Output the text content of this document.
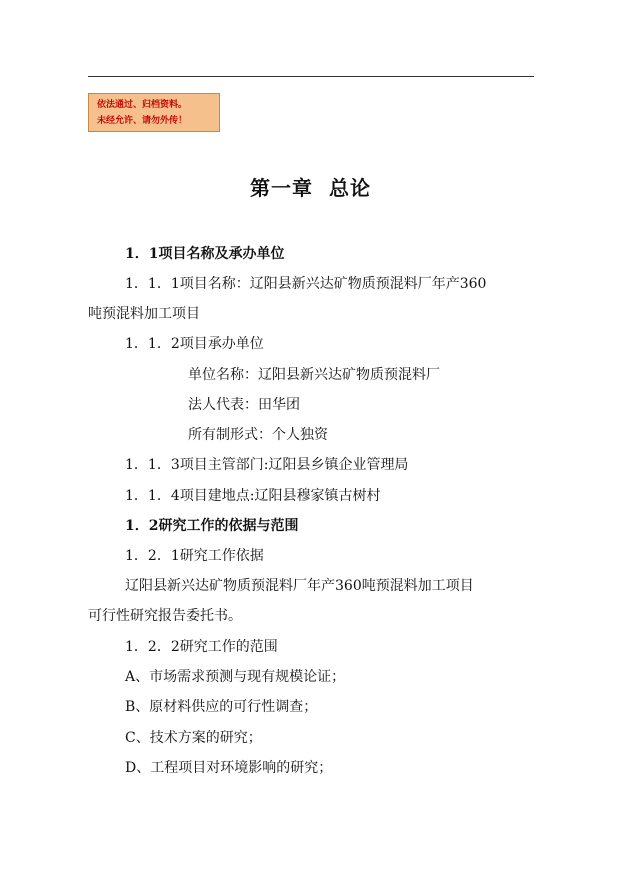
依法通过、归档资料。
未经允许、请勿外传！
第一章  总论
1．1项目名称及承办单位
1．1．1项目名称：辽阳县新兴达矿物质预混料厂年产360
吨预混料加工项目
1．1．2项目承办单位
单位名称：辽阳县新兴达矿物质预混料厂
法人代表：田华团
所有制形式：个人独资
1．1．3项目主管部门:辽阳县乡镇企业管理局
1．1．4项目建地点:辽阳县穆家镇古树村
1．2研究工作的依据与范围
1．2．1研究工作依据
辽阳县新兴达矿物质预混料厂年产360吨预混料加工项目
可行性研究报告委托书。
1．2．2研究工作的范围
A、市场需求预测与现有规模论证；
B、原材料供应的可行性调查；
C、技术方案的研究；
D、工程项目对环境影响的研究；
